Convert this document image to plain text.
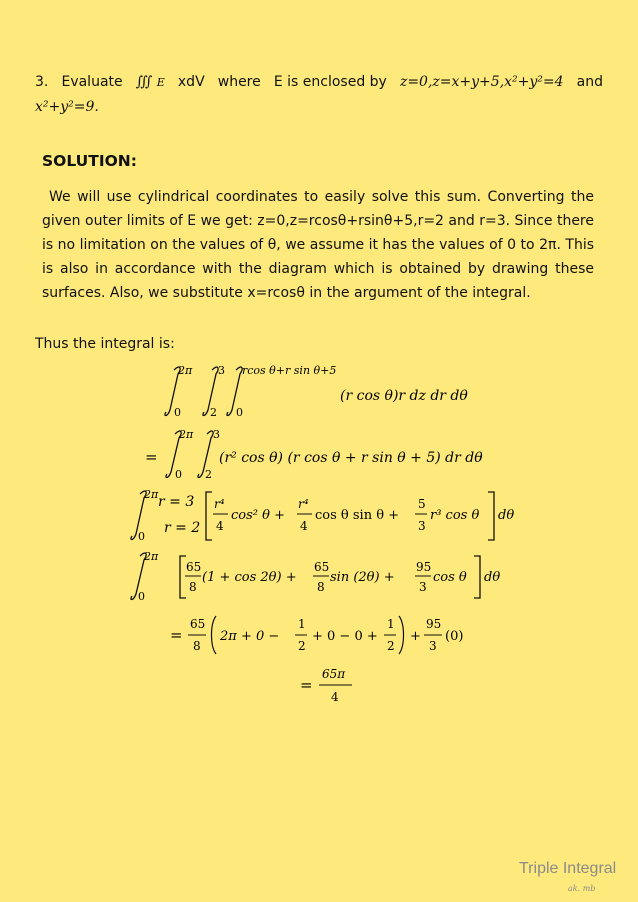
3. Evaluate ∭ E xdV where E is enclosed by z=0,z=x+y+5,x²+y²=4 and
x²+y²=9.
SOLUTION:

We will use cylindrical coordinates to easily solve this sum. Converting the given outer limits of E we get: z=0,z=rcosθ+rsinθ+5,r=2 and r=3. Since there is no limitation on the values of θ, we assume it has the values of 0 to 2π. This is also in accordance with the diagram which is obtained by drawing these surfaces. Also, we substitute x=rcosθ in the argument of the integral.

Thus the integral is:
2π
0
3
2
rcos θ+r sin θ+5
0
(r cos θ)r dz dr dθ
=
2π
0
3
2
(r² cos θ) (r cos θ + r sin θ + 5) dr dθ
2π
0
r = 3
r = 2
r⁴
4
cos² θ +
r⁴
4
cos θ sin θ +
5
3
r³ cos θ dθ
2π
0
65
8
(1 + cos 2θ) +
65
8
sin (2θ) +
95
3
cos θ dθ
=
65
8
2π + 0 −
1
2
+ 0 − 0 +
1
2
+
95
3
(0)
=
65π
4
Triple Integral
ak. mb
